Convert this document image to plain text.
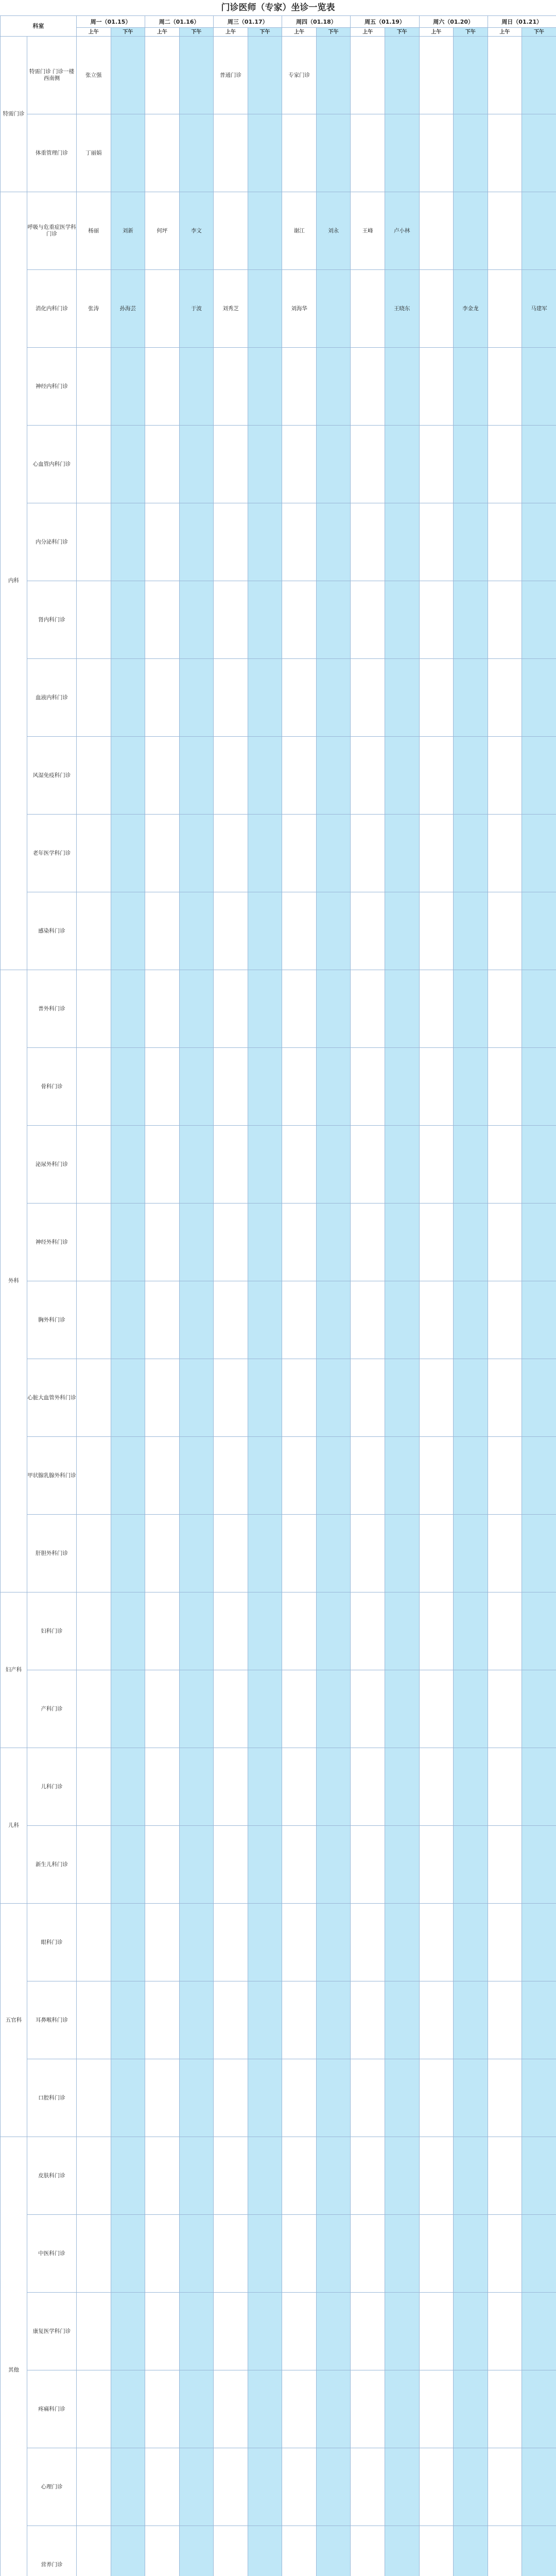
门诊医师（专家）坐诊一览表
科室		周一（01.15）		周二（01.16）		周三（01.17）		周四（01.18）		周五（01.19）		周六（01.20）		周日（01.21）	
		上午	下午	上午	下午	上午	下午	上午	下午	上午	下午	上午	下午	上午	下午
特需门诊	特需门诊 门诊一楼西南侧	张立强				普通门诊		专家门诊							
	体重管理门诊	丁丽娟													
内科	呼吸与危重症医学科门诊	杨丽	刘新	何坪	李文			谢江	刘永	王峰	卢小林				
	消化内科门诊	张涛	孙海芸		于波	刘秀芝		刘海华			王晓东		李金龙		马建军
	神经内科门诊														
	心血管内科门诊														
	内分泌科门诊														
	肾内科门诊														
	血液内科门诊														
	风湿免疫科门诊														
	老年医学科门诊														
	感染科门诊														
外科	普外科门诊														
	骨科门诊														
	泌尿外科门诊														
	神经外科门诊														
	胸外科门诊														
	心脏大血管外科门诊														
	甲状腺乳腺外科门诊														
	肝胆外科门诊														
妇产科	妇科门诊														
	产科门诊														
儿科	儿科门诊														
	新生儿科门诊														
五官科	眼科门诊														
	耳鼻喉科门诊														
	口腔科门诊														
其他	皮肤科门诊														
	中医科门诊														
	康复医学科门诊														
	疼痛科门诊														
	心理门诊														
	营养门诊														
